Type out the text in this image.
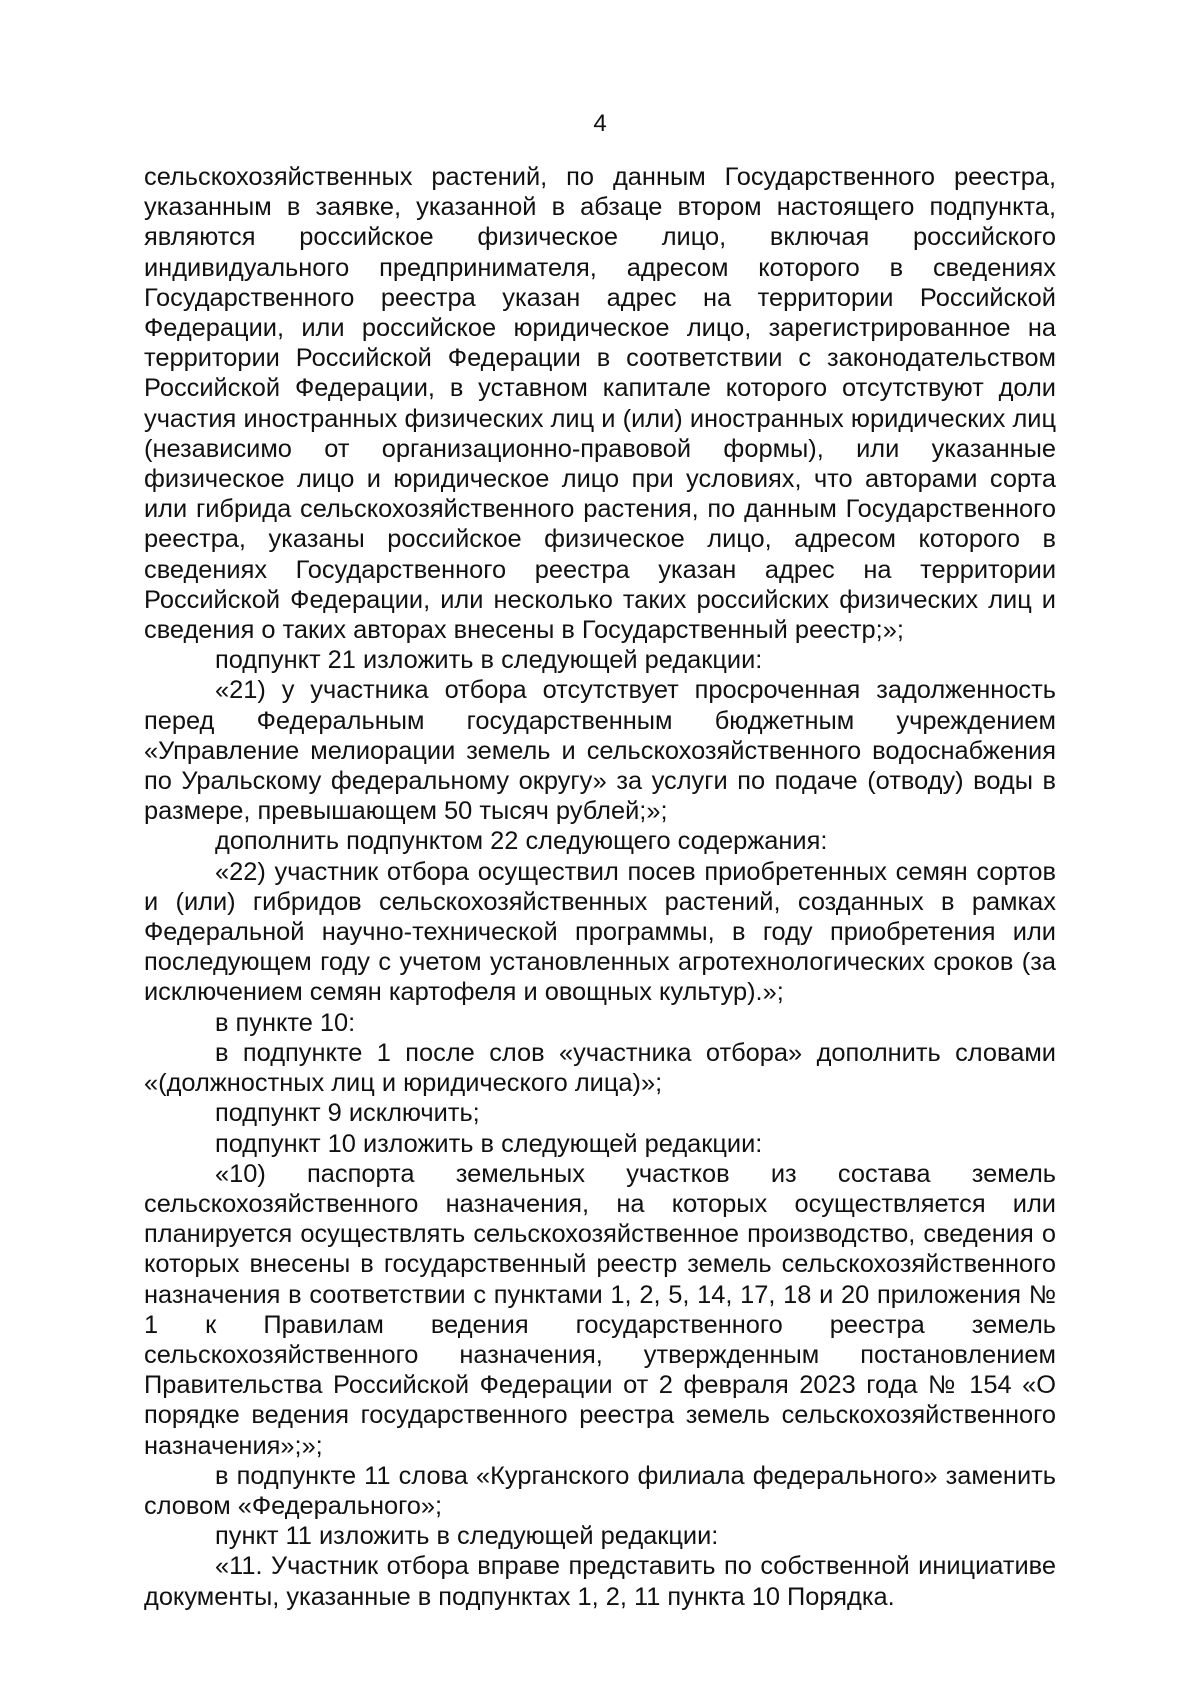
4

сельскохозяйственных растений, по данным Государственного реестра, указанным в заявке, указанной в абзаце втором настоящего подпункта, являются российское физическое лицо, включая российского индивидуального предпринимателя, адресом которого в сведениях Государственного реестра указан адрес на территории Российской Федерации, или российское юридическое лицо, зарегистрированное на территории Российской Федерации в соответствии с законодательством Российской Федерации, в уставном капитале которого отсутствуют доли участия иностранных физических лиц и (или) иностранных юридических лиц (независимо от организационно-правовой формы), или указанные физическое лицо и юридическое лицо при условиях, что авторами сорта или гибрида сельскохозяйственного растения, по данным Государственного реестра, указаны российское физическое лицо, адресом которого в сведениях Государственного реестра указан адрес на территории Российской Федерации, или несколько таких российских физических лиц и сведения о таких авторах внесены в Государственный реестр;»;

подпункт 21 изложить в следующей редакции:

«21) у участника отбора отсутствует просроченная задолженность перед Федеральным государственным бюджетным учреждением «Управление мелиорации земель и сельскохозяйственного водоснабжения по Уральскому федеральному округу» за услуги по подаче (отводу) воды в размере, превышающем 50 тысяч рублей;»;

дополнить подпунктом 22 следующего содержания:

«22) участник отбора осуществил посев приобретенных семян сортов и (или) гибридов сельскохозяйственных растений, созданных в рамках Федеральной научно-технической программы, в году приобретения или последующем году с учетом установленных агротехнологических сроков (за исключением семян картофеля и овощных культур).»;

в пункте 10:

в подпункте 1 после слов «участника отбора» дополнить словами «(должностных лиц и юридического лица)»;

подпункт 9 исключить;

подпункт 10 изложить в следующей редакции:

«10) паспорта земельных участков из состава земель сельскохозяйственного назначения, на которых осуществляется или планируется осуществлять сельскохозяйственное производство, сведения о которых внесены в государственный реестр земель сельскохозяйственного назначения в соответствии с пунктами 1, 2, 5, 14, 17, 18 и 20 приложения № 1 к Правилам ведения государственного реестра земель сельскохозяйственного назначения, утвержденным постановлением Правительства Российской Федерации от 2 февраля 2023 года № 154 «О порядке ведения государственного реестра земель сельскохозяйственного назначения»;»;

в подпункте 11 слова «Курганского филиала федерального» заменить словом «Федерального»;

пункт 11 изложить в следующей редакции:

«11. Участник отбора вправе представить по собственной инициативе документы, указанные в подпунктах 1, 2, 11 пункта 10 Порядка.
